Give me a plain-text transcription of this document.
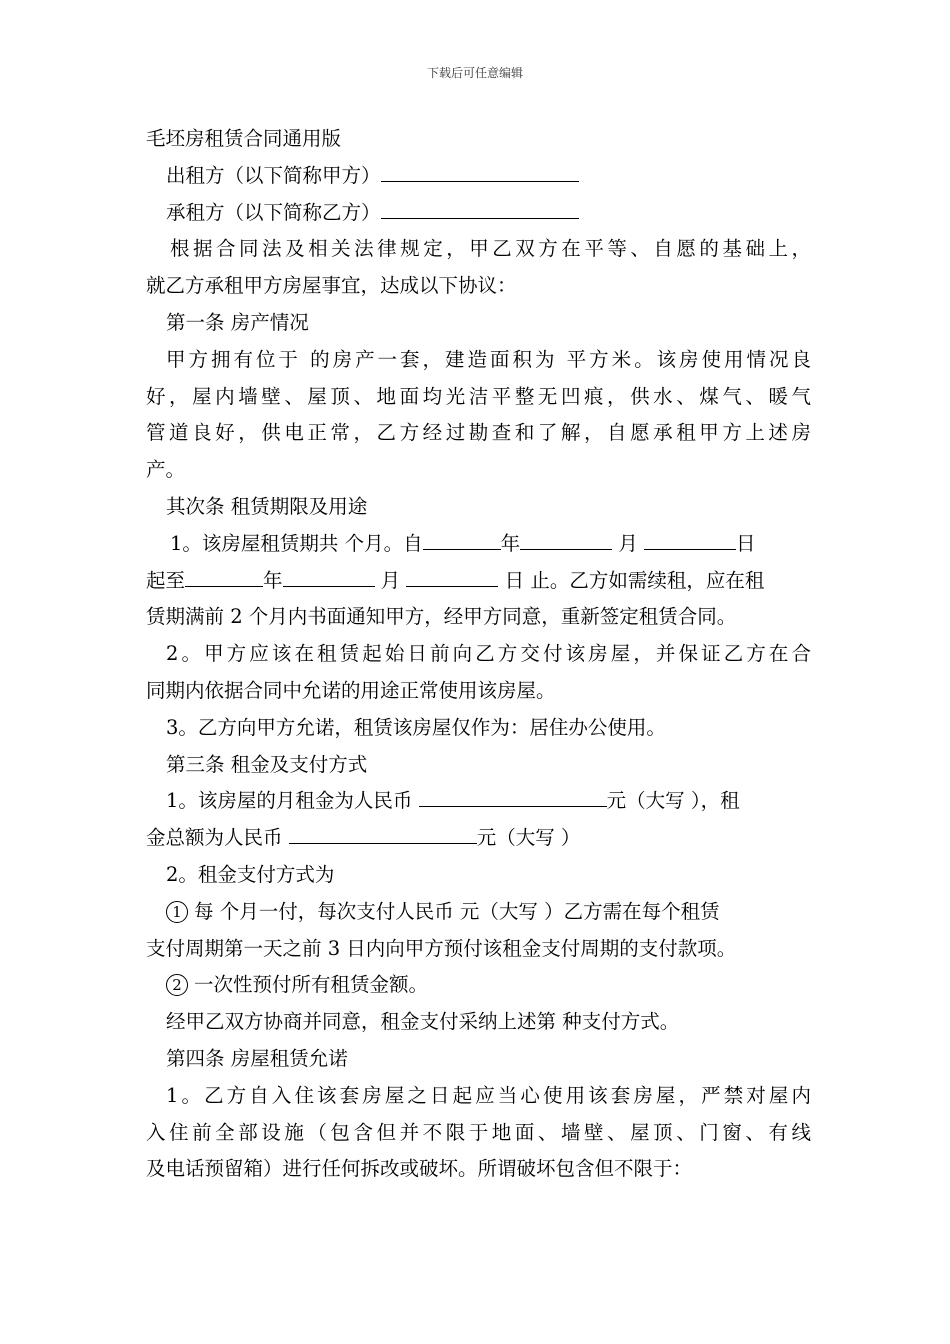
下载后可任意编辑
毛坯房租赁合同通用版
出租方（以下简称甲方）
承租方（以下简称乙方）
根据合同法及相关法律规定，甲乙双方在平等、自愿的基础上，
就乙方承租甲方房屋事宜，达成以下协议：
第一条 房产情况
甲方拥有位于 的房产一套，建造面积为 平方米。该房使用情况良
好，屋内墙壁、屋顶、地面均光洁平整无凹痕，供水、煤气、暖气
管道良好，供电正常，乙方经过勘查和了解，自愿承租甲方上述房
产。
其次条 租赁期限及用途
1。该房屋租赁期共 个月。自	年	月	日
起至	年	月	日 止。乙方如需续租，应在租
赁期满前 2 个月内书面通知甲方，经甲方同意，重新签定租赁合同。
2。甲方应该在租赁起始日前向乙方交付该房屋，并保证乙方在合
同期内依据合同中允诺的用途正常使用该房屋。
3。乙方向甲方允诺，租赁该房屋仅作为：居住办公使用。
第三条 租金及支付方式
1。该房屋的月租金为人民币	元（大写 ），租
金总额为人民币	元（大写 ）
2。租金支付方式为
1 每 个月一付，每次支付人民币 元（大写 ）乙方需在每个租赁
支付周期第一天之前 3 日内向甲方预付该租金支付周期的支付款项。
2 一次性预付所有租赁金额。
经甲乙双方协商并同意，租金支付采纳上述第 种支付方式。
第四条 房屋租赁允诺
1。乙方自入住该套房屋之日起应当心使用该套房屋，严禁对屋内
入住前全部设施（包含但并不限于地面、墙壁、屋顶、门窗、有线
及电话预留箱）进行任何拆改或破坏。所谓破坏包含但不限于：
